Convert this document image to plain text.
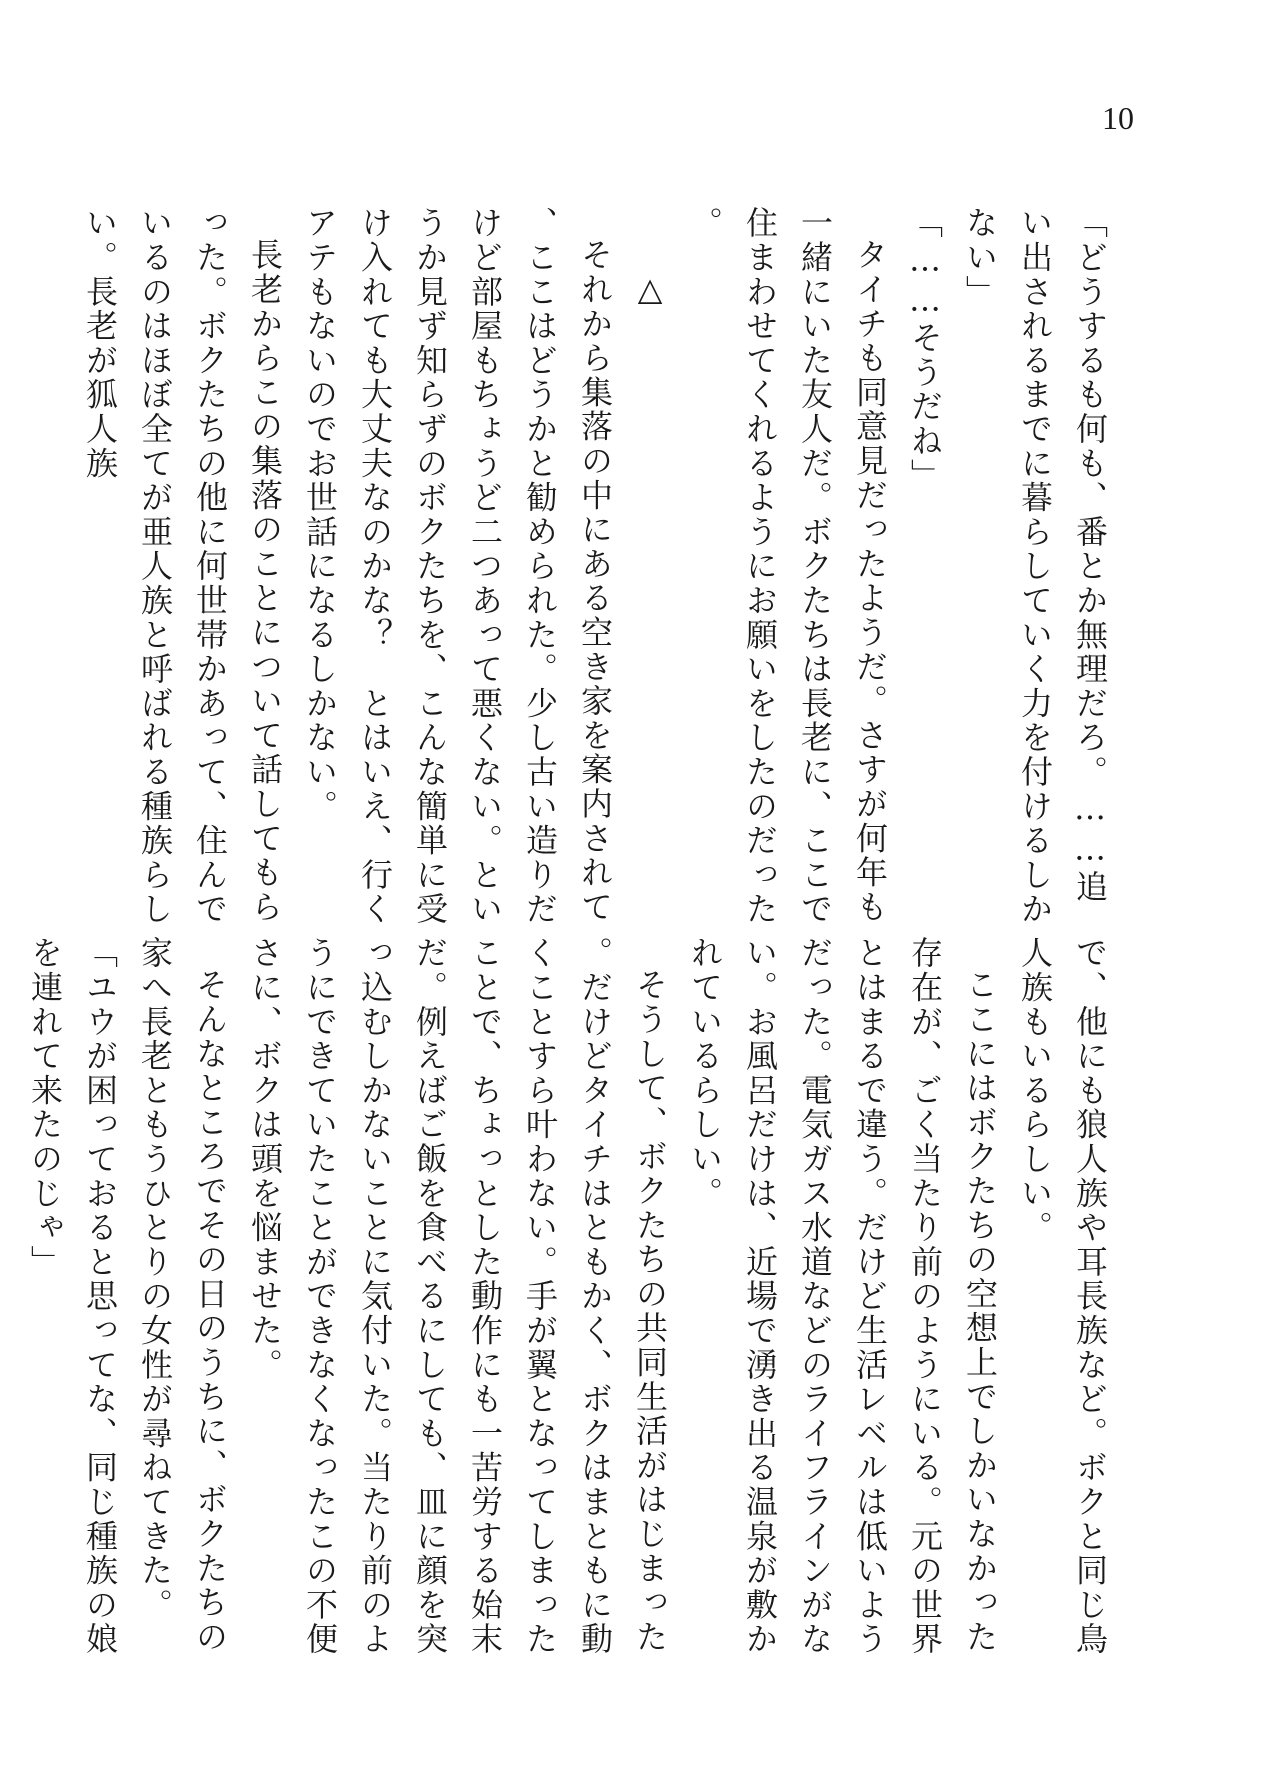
10

「どうするも何も、番とか無理だろ。……追い出されるまでに暮らしていく力を付けるしかない」

「……そうだね」

タイチも同意見だったようだ。さすが何年も一緒にいた友人だ。ボクたちは長老に、ここで住まわせてくれるようにお願いをしたのだった。

△

それから集落の中にある空き家を案内されて、ここはどうかと勧められた。少し古い造りだけど部屋もちょうど二つあって悪くない。というか見ず知らずのボクたちを、こんな簡単に受け入れても大丈夫なのかな？　とはいえ、行くアテもないのでお世話になるしかない。

長老からこの集落のことについて話してもらった。ボクたちの他に何世帯かあって、住んでいるのはほぼ全てが亜人族と呼ばれる種族らしい。長老が狐人族

で、他にも狼人族や耳長族など。ボクと同じ鳥人族もいるらしい。

ここにはボクたちの空想上でしかいなかった存在が、ごく当たり前のようにいる。元の世界とはまるで違う。だけど生活レベルは低いようだった。電気ガス水道などのライフラインがない。お風呂だけは、近場で湧き出る温泉が敷かれているらしい。

そうして、ボクたちの共同生活がはじまった。だけどタイチはともかく、ボクはまともに動くことすら叶わない。手が翼となってしまったことで、ちょっとした動作にも一苦労する始末だ。例えばご飯を食べるにしても、皿に顔を突っ込むしかないことに気付いた。当たり前のようにできていたことができなくなったこの不便さに、ボクは頭を悩ませた。

そんなところでその日のうちに、ボクたちの家へ長老ともうひとりの女性が尋ねてきた。

「ユウが困っておると思ってな、同じ種族の娘を連れて来たのじゃ」
